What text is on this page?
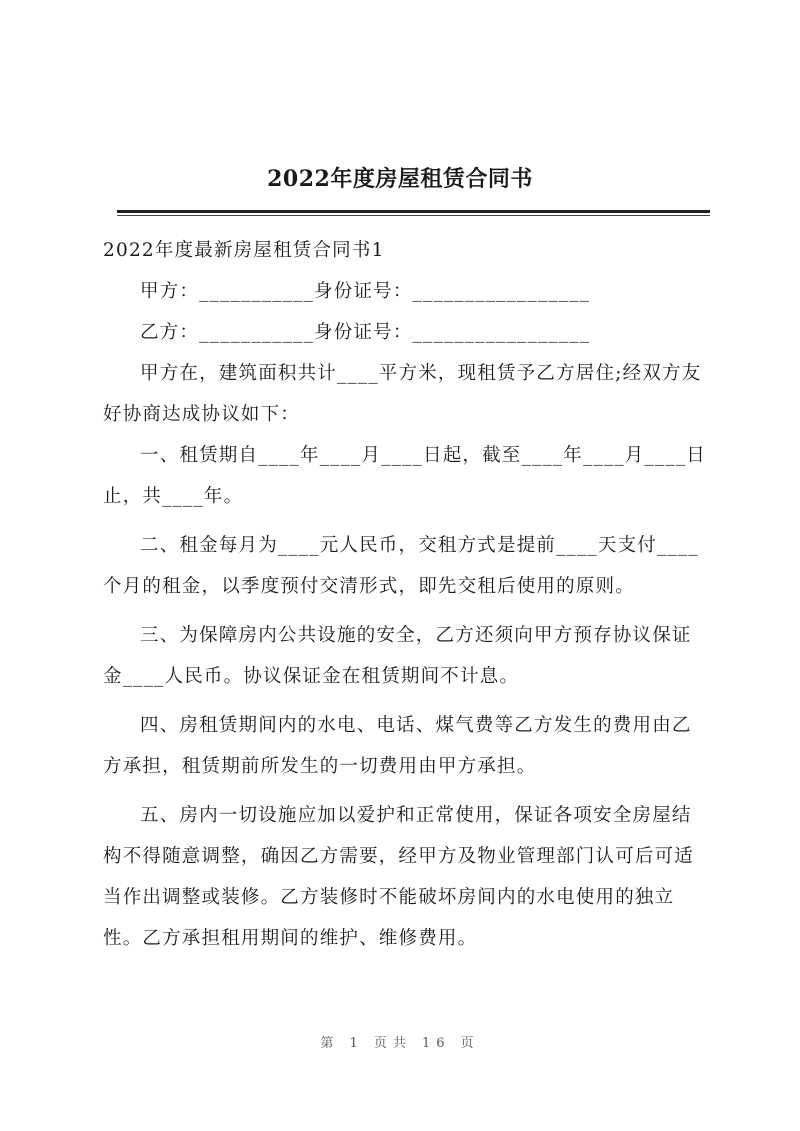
2022年度房屋租赁合同书

2022年度最新房屋租赁合同书1

甲方：___________身份证号：_________________

乙方：___________身份证号：_________________

甲方在，建筑面积共计____平方米，现租赁予乙方居住;经双方友好协商达成协议如下：

一、租赁期自____年____月____日起，截至____年____月____日止，共____年。

二、租金每月为____元人民币，交租方式是提前____天支付____个月的租金，以季度预付交清形式，即先交租后使用的原则。

三、为保障房内公共设施的安全，乙方还须向甲方预存协议保证金____人民币。协议保证金在租赁期间不计息。

四、房租赁期间内的水电、电话、煤气费等乙方发生的费用由乙方承担，租赁期前所发生的一切费用由甲方承担。

五、房内一切设施应加以爱护和正常使用，保证各项安全房屋结构不得随意调整，确因乙方需要，经甲方及物业管理部门认可后可适当作出调整或装修。乙方装修时不能破坏房间内的水电使用的独立性。乙方承担租用期间的维护、维修费用。

第 1 页共 16 页
